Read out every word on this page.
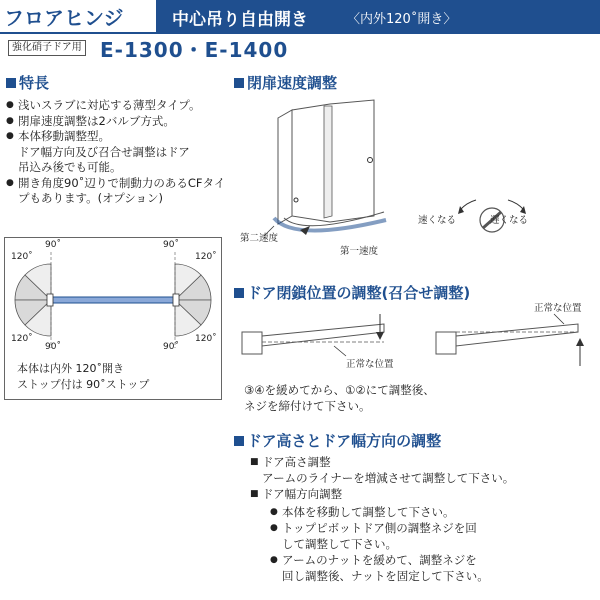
フロアヒンジ	中心吊り自由開き	〈内外120˚開き〉
強化硝子ドア用 E-1300・E-1400
特長
● 浅いスラブに対応する薄型タイプ。
● 閉扉速度調整は2バルブ方式。
● 本体移動調整型。
ドア幅方向及び召合せ調整はドア
吊込み後でも可能。
● 開き角度90˚辺りで制動力のあるCFタイプもあります。(オプション)
120˚
90˚	90˚
120˚
120˚
90˚	90˚
120˚
本体は内外 120˚開き
ストップ付は 90˚ストップ
閉扉速度調整
第二速度
第一速度
速くなる	遅くなる
ドア閉鎖位置の調整(召合せ調整)
正常な位置
正常な位置
③④を緩めてから、①②にて調整後、
ネジを締付けて下さい。
ドア高さとドア幅方向の調整
■ ドア高さ調整
アームのライナーを増減させて調整して下さい。
■ ドア幅方向調整
● 本体を移動して調整して下さい。
● トップピボットドア側の調整ネジを回
して調整して下さい。
● アームのナットを緩めて、調整ネジを
回し調整後、ナットを固定して下さい。
